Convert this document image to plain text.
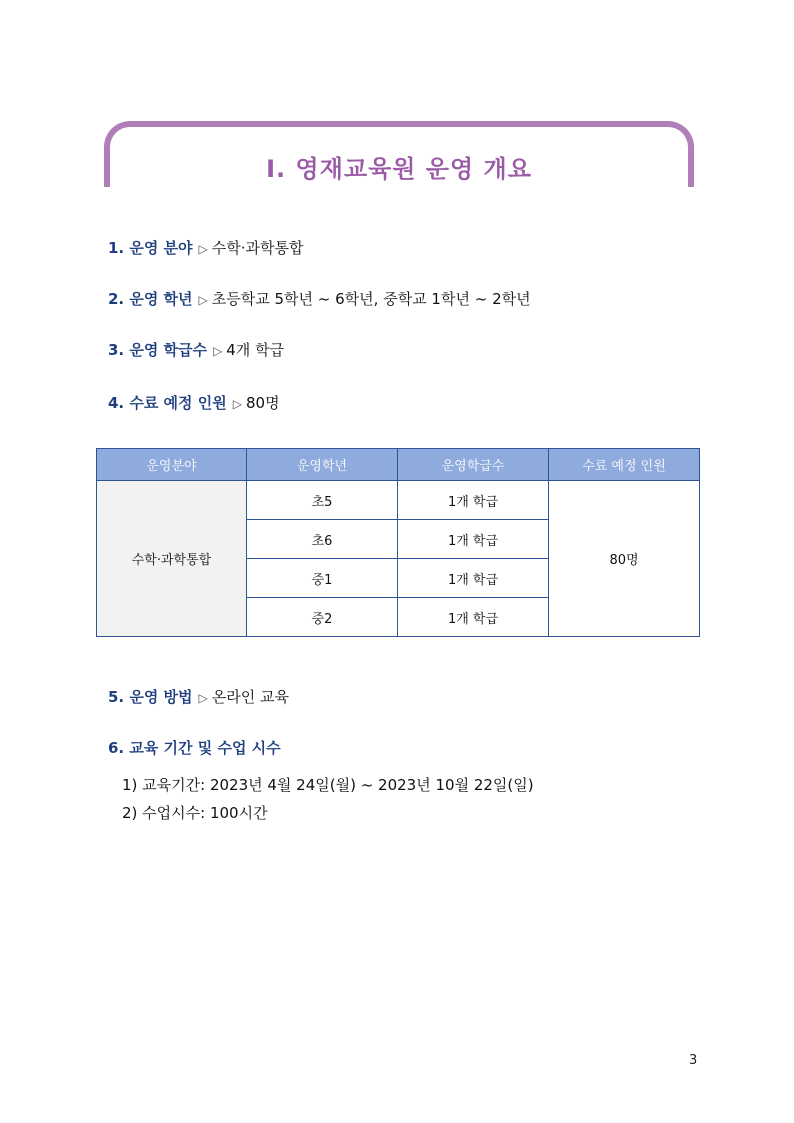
I. 영재교육원 운영 개요
1. 운영 분야 ▷ 수학·과학통합
2. 운영 학년 ▷ 초등학교 5학년 ~ 6학년, 중학교 1학년 ~ 2학년
3. 운영 학급수 ▷ 4개 학급
4. 수료 예정 인원 ▷ 80명
운영분야	운영학년	운영학급수	수료 예정 인원
수학·과학통합	초5	1개 학급	80명
	초6	1개 학급	
	중1	1개 학급	
	중2	1개 학급	
5. 운영 방법 ▷ 온라인 교육
6. 교육 기간 및 수업 시수
1) 교육기간: 2023년 4월 24일(월) ~ 2023년 10월 22일(일)
2) 수업시수: 100시간
3
